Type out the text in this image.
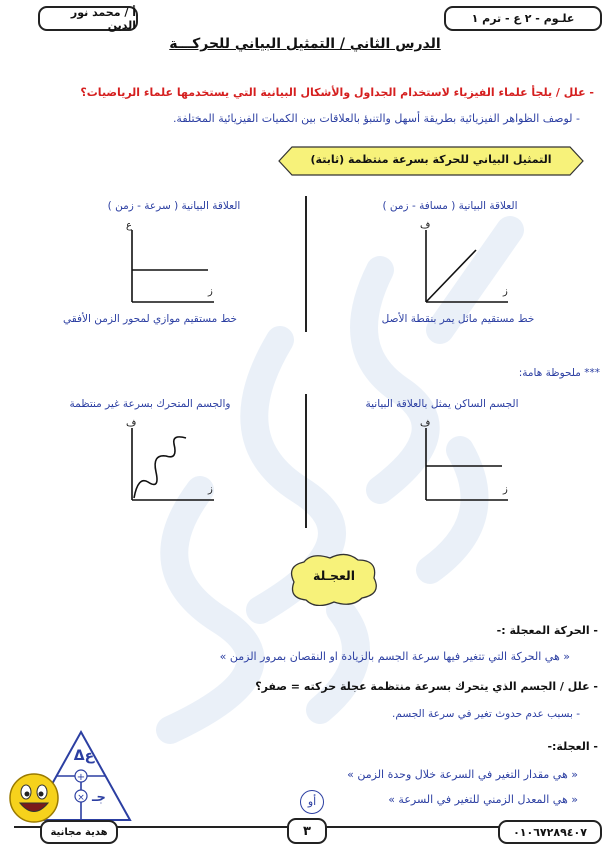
علـوم - ٢ ع - ترم ١
أ / محمد نور الدين
الدرس الثاني / التمثيل البياني للحركـــة
- علل / يلجأ علماء الفيزياء لاستخدام الجداول والأشكال البيانية التي يستخدمها علماء الرياضيات؟
- لوصف الظواهر الفيزيائية بطريقة أسهل والتنبؤ بالعلاقات بين الكميات الفيزيائية المختلفة.
التمثيل البياني للحركة بسرعة منتظمة (ثابتة)
العلاقة البيانية ( مسافة - زمن )
ف
ز
خط مستقيم مائل يمر بنقطة الأصل
العلاقة البيانية ( سرعة - زمن )
ع
ز
خط مستقيم موازي لمحور الزمن الأفقي
*** ملحوظة هامة:
الجسم الساكن يمثل بالعلاقة البيانية
ف
ز
والجسم المتحرك بسرعة غير منتظمة
ف
ز
العجـلة
- الحركة المعجلة :-
« هي الحركة التي تتغير فيها سرعة الجسم بالزيادة او النقصان بمرور الزمن »
- علل / الجسم الذي يتحرك بسرعة منتظمة عجلة حركته = صفر؟
- بسبب عدم حدوث تغير في سرعة الجسم.
- العجلة:-
« هي مقدار التغير في السرعة خلال وحدة الزمن »
أو	« هي المعدل الزمني للتغير في السرعة »
+
×
Δع
جـ
هدية مجانية	٣	٠١٠٦٧٢٨٩٤٠٧
